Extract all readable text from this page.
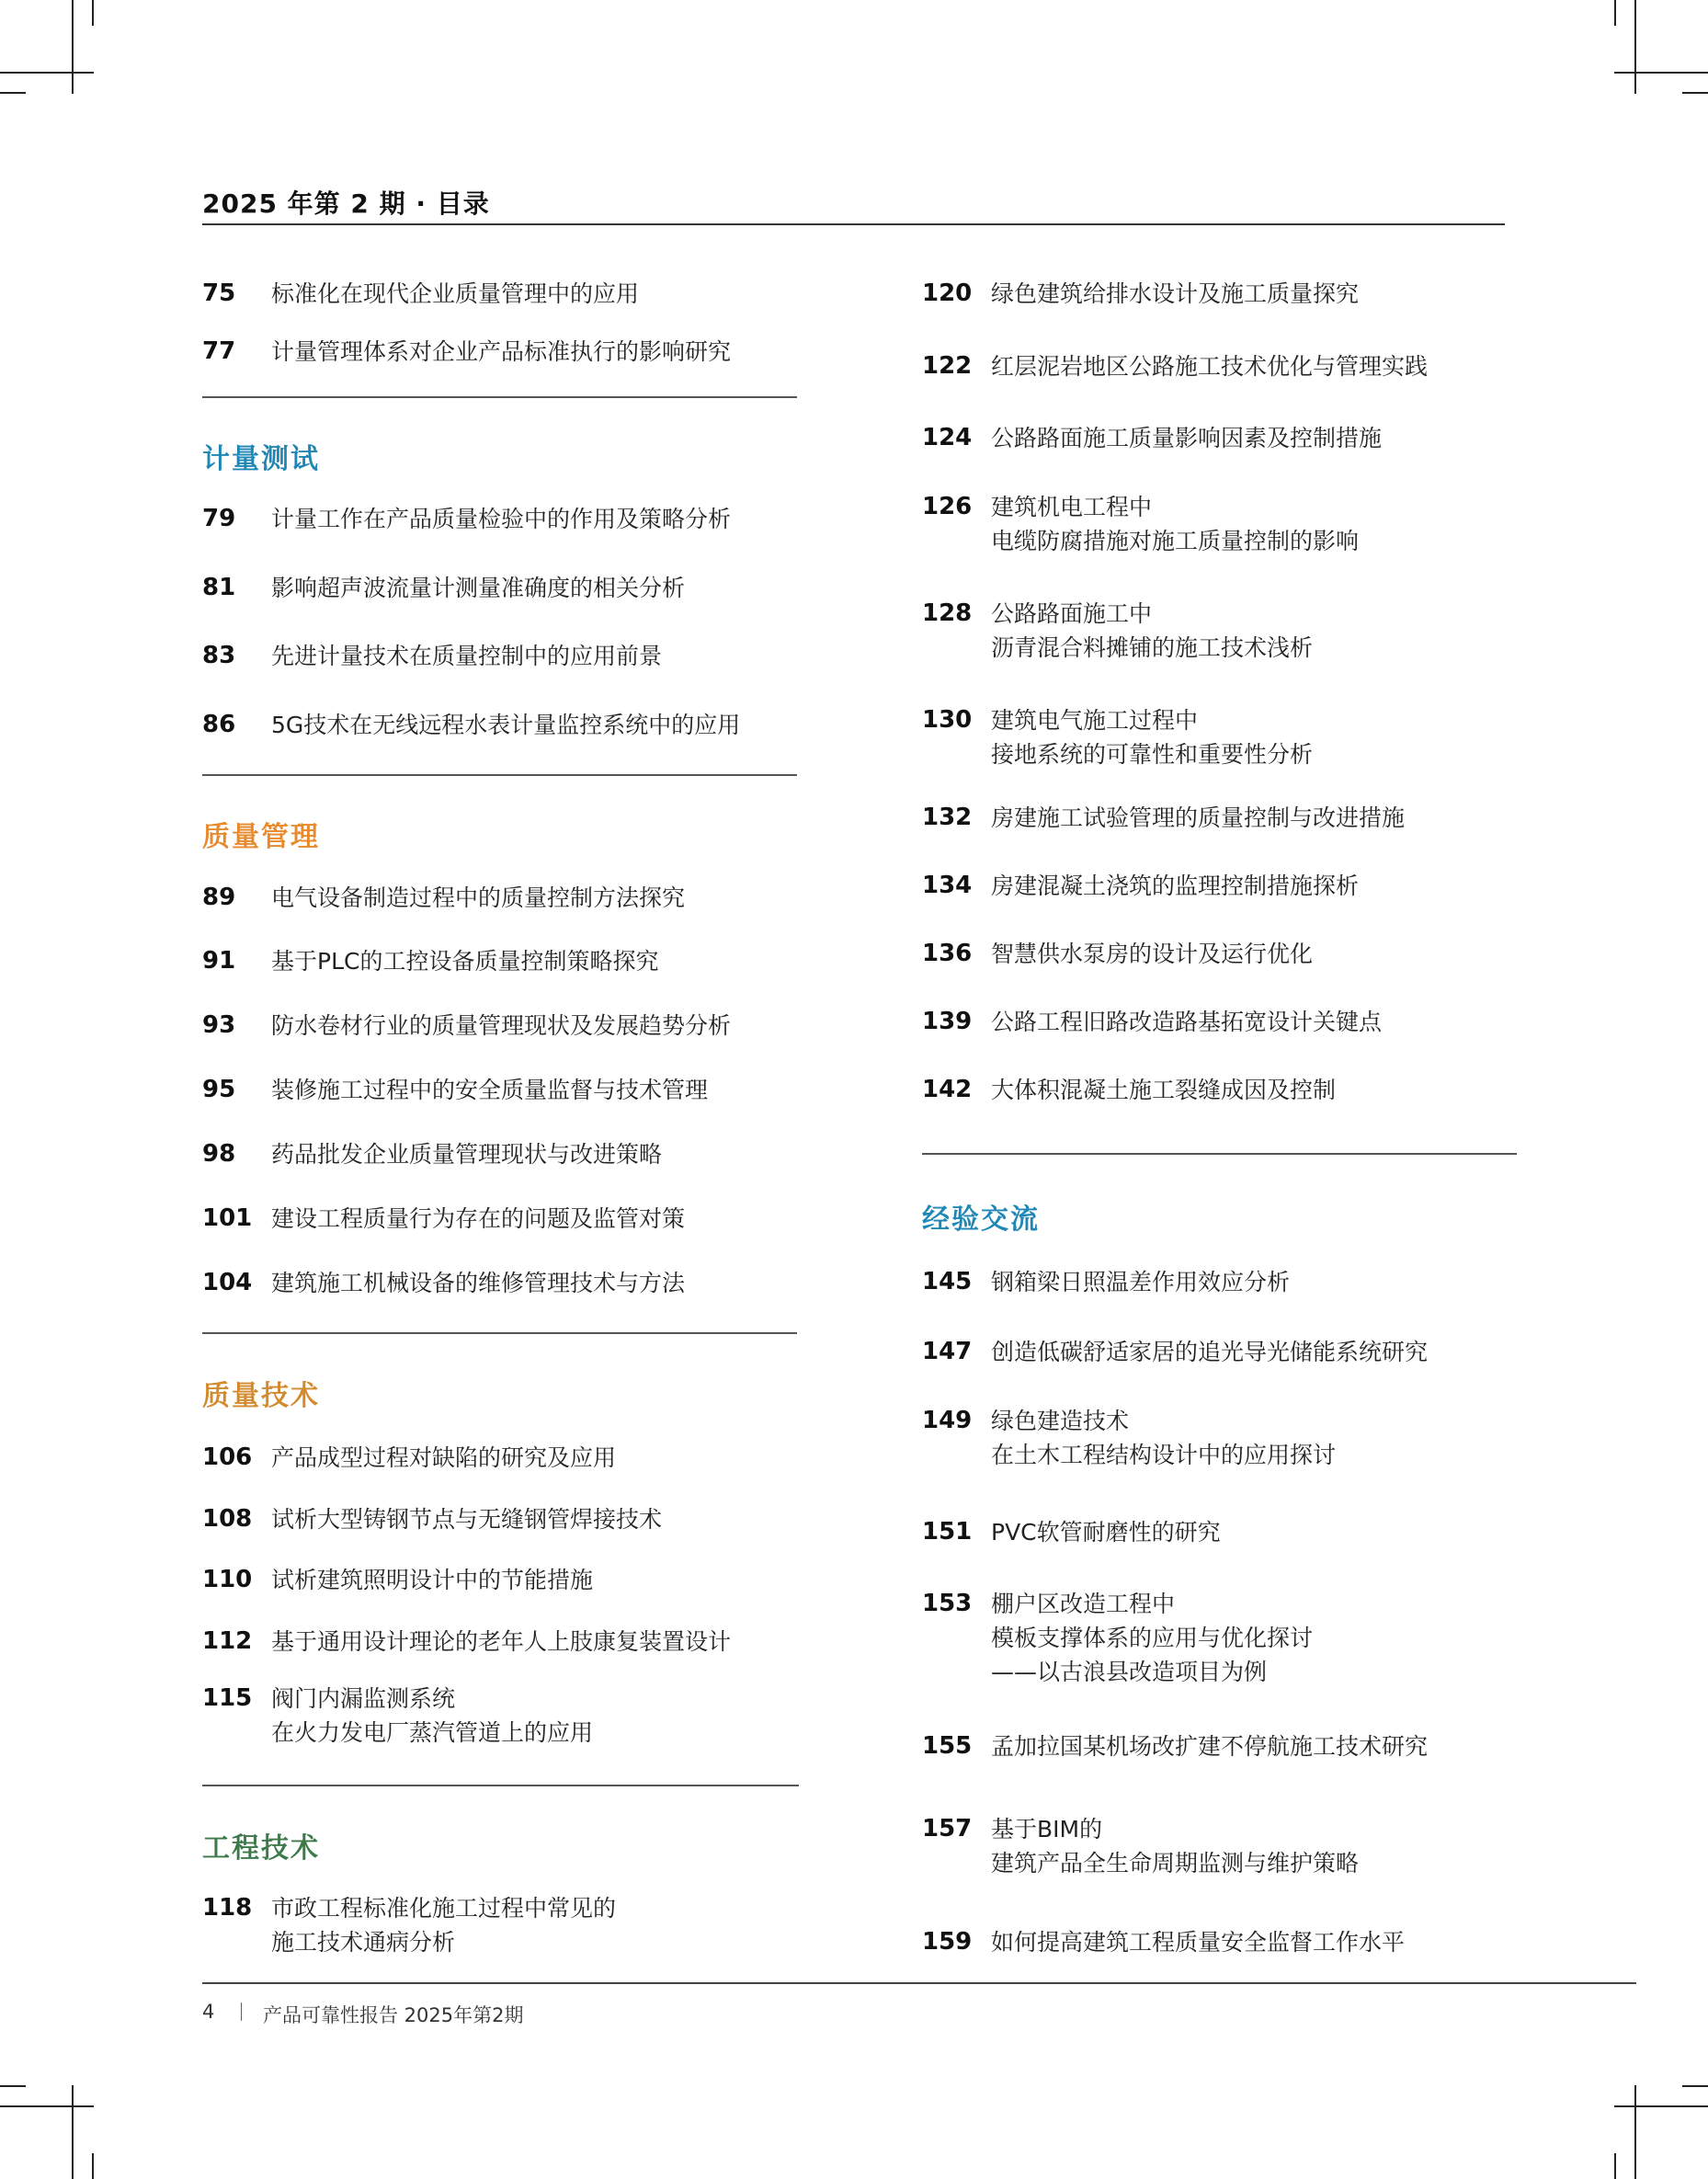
2025 年第 2 期 · 目录
75	标准化在现代企业质量管理中的应用
77	计量管理体系对企业产品标准执行的影响研究
计量测试
79	计量工作在产品质量检验中的作用及策略分析
81	影响超声波流量计测量准确度的相关分析
83	先进计量技术在质量控制中的应用前景
86	5G技术在无线远程水表计量监控系统中的应用
质量管理
89	电气设备制造过程中的质量控制方法探究
91	基于PLC的工控设备质量控制策略探究
93	防水卷材行业的质量管理现状及发展趋势分析
95	装修施工过程中的安全质量监督与技术管理
98	药品批发企业质量管理现状与改进策略
101 建设工程质量行为存在的问题及监管对策
104 建筑施工机械设备的维修管理技术与方法
质量技术
106 产品成型过程对缺陷的研究及应用
108 试析大型铸钢节点与无缝钢管焊接技术
110 试析建筑照明设计中的节能措施
112 基于通用设计理论的老年人上肢康复装置设计
115 阀门内漏监测系统
在火力发电厂蒸汽管道上的应用
工程技术
118 市政工程标准化施工过程中常见的
施工技术通病分析
120 绿色建筑给排水设计及施工质量探究
122 红层泥岩地区公路施工技术优化与管理实践
124 公路路面施工质量影响因素及控制措施
126 建筑机电工程中
电缆防腐措施对施工质量控制的影响
128 公路路面施工中
沥青混合料摊铺的施工技术浅析
130 建筑电气施工过程中
接地系统的可靠性和重要性分析
132 房建施工试验管理的质量控制与改进措施
134 房建混凝土浇筑的监理控制措施探析
136 智慧供水泵房的设计及运行优化
139 公路工程旧路改造路基拓宽设计关键点
142 大体积混凝土施工裂缝成因及控制
经验交流
145 钢箱梁日照温差作用效应分析
147 创造低碳舒适家居的追光导光储能系统研究
149 绿色建造技术
在土木工程结构设计中的应用探讨
151 PVC软管耐磨性的研究
153 棚户区改造工程中
模板支撑体系的应用与优化探讨
——以古浪县改造项目为例
155 孟加拉国某机场改扩建不停航施工技术研究
157 基于BIM的
建筑产品全生命周期监测与维护策略
159 如何提高建筑工程质量安全监督工作水平
4	产品可靠性报告 2025年第2期
